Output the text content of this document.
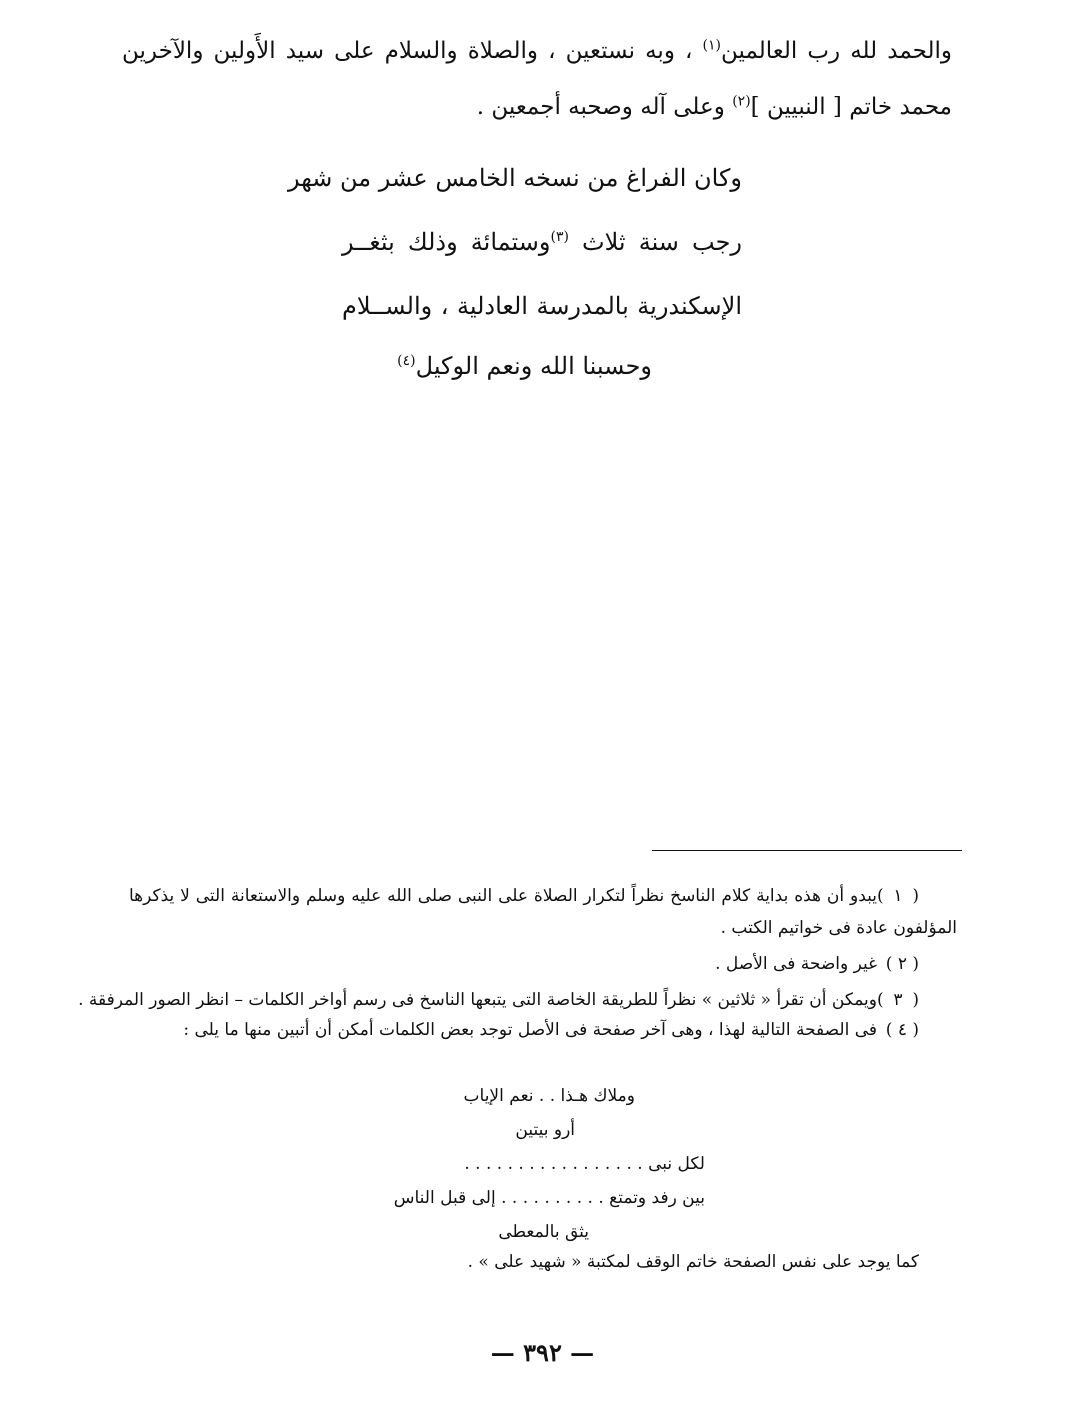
والحمد لله رب العالمين$^{(١)}$ ، وبه نستعين ، والصلاة والسلام على سيد الأَولين والآخرين
محمد خاتم [ النبيين ]$^{(٢)}$ وعلى آله وصحبه أجمعين .
وكان الفراغ من نسخه الخامس عشر من شهر
رجب سنة ثلاث $^{(٣)}$وستمائة وذلك بثغــر
الإسكندرية بالمدرسة العادلية ، والســلام
وحسبنا الله ونعم الوكيل$^{(٤)}$
( ١ )يبدو أن هذه بداية كلام الناسخ نظراً لتكرار الصلاة على النبى صلى الله عليه وسلم والاستعانة التى لا يذكرها
المؤلفون عادة فى خواتيم الكتب .
( ٢ )غير واضحة فى الأصل .
( ٣ )ويمكن أن تقرأ « ثلاثين » نظراً للطريقة الخاصة التى يتبعها الناسخ فى رسم أواخر الكلمات – انظر الصور المرفقة .
( ٤ )فى الصفحة التالية لهذا ، وهى آخر صفحة فى الأصل توجد بعض الكلمات أمكن أن أتبين منها ما يلى :
وملاك هـذا . . نعم الإياب
أرو بيتين
لكل نبى . . . . . . . . . . . . . . . . .
بين رفد وتمتع . . . . . . . . . . إلى قبل الناس
يثق بالمعطى
كما يوجد على نفس الصفحة خاتم الوقف لمكتبة « شهيد على » .
— ٣٩٢ —
